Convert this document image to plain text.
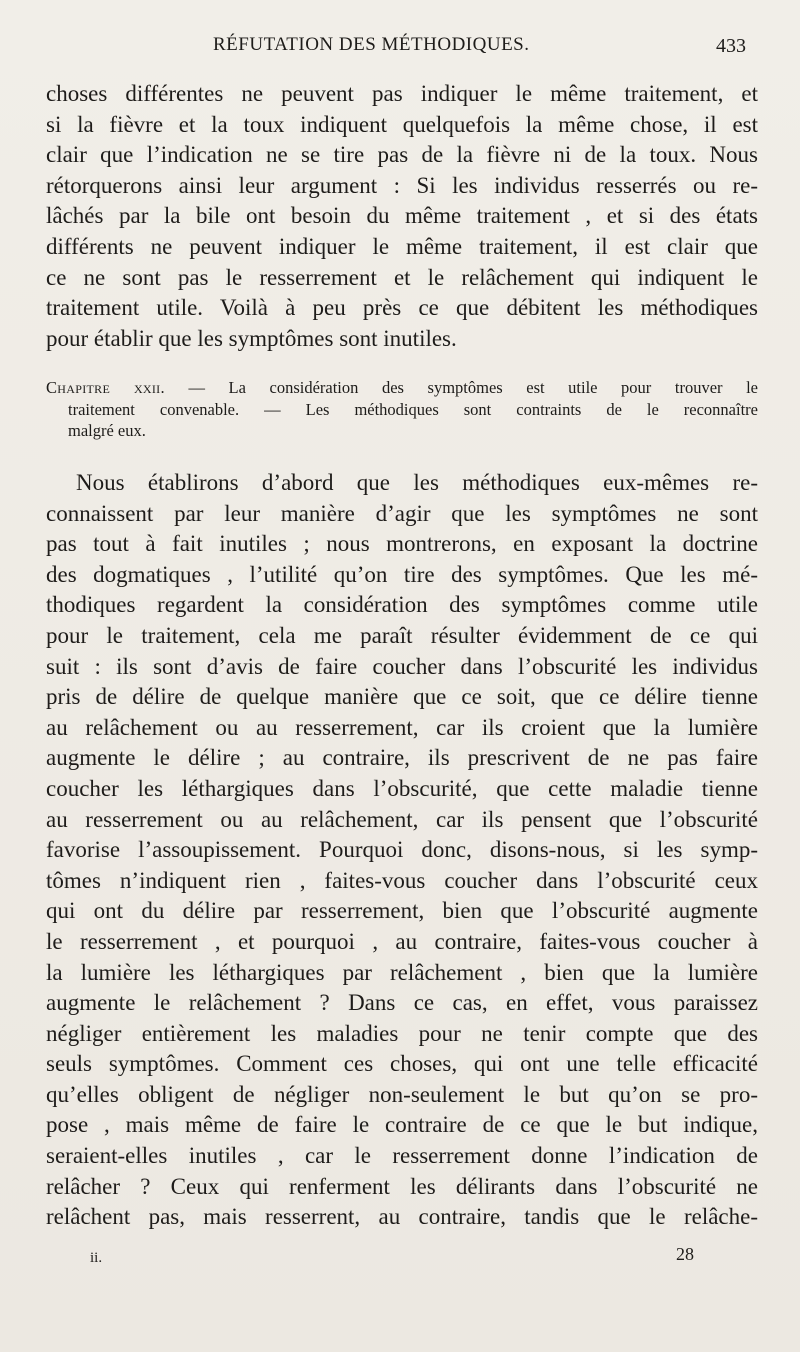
RÉFUTATION DES MÉTHODIQUES.	433
choses différentes ne peuvent pas indiquer le même traitement, et
si la fièvre et la toux indiquent quelquefois la même chose, il est
clair que l’indication ne se tire pas de la fièvre ni de la toux. Nous
rétorquerons ainsi leur argument : Si les individus resserrés ou re-
lâchés par la bile ont besoin du même traitement , et si des états
différents ne peuvent indiquer le même traitement, il est clair que
ce ne sont pas le resserrement et le relâchement qui indiquent le
traitement utile. Voilà à peu près ce que débitent les méthodiques
pour établir que les symptômes sont inutiles.
Chapitre xxii. — La considération des symptômes est utile pour trouver le
traitement convenable. — Les méthodiques sont contraints de le reconnaître
malgré eux.
Nous établirons d’abord que les méthodiques eux-mêmes re-
connaissent par leur manière d’agir que les symptômes ne sont
pas tout à fait inutiles ; nous montrerons, en exposant la doctrine
des dogmatiques , l’utilité qu’on tire des symptômes. Que les mé-
thodiques regardent la considération des symptômes comme utile
pour le traitement, cela me paraît résulter évidemment de ce qui
suit : ils sont d’avis de faire coucher dans l’obscurité les individus
pris de délire de quelque manière que ce soit, que ce délire tienne
au relâchement ou au resserrement, car ils croient que la lumière
augmente le délire ; au contraire, ils prescrivent de ne pas faire
coucher les léthargiques dans l’obscurité, que cette maladie tienne
au resserrement ou au relâchement, car ils pensent que l’obscurité
favorise l’assoupissement. Pourquoi donc, disons-nous, si les symp-
tômes n’indiquent rien , faites-vous coucher dans l’obscurité ceux
qui ont du délire par resserrement, bien que l’obscurité augmente
le resserrement , et pourquoi , au contraire, faites-vous coucher à
la lumière les léthargiques par relâchement , bien que la lumière
augmente le relâchement ? Dans ce cas, en effet, vous paraissez
négliger entièrement les maladies pour ne tenir compte que des
seuls symptômes. Comment ces choses, qui ont une telle efficacité
qu’elles obligent de négliger non-seulement le but qu’on se pro-
pose , mais même de faire le contraire de ce que le but indique,
seraient-elles inutiles , car le resserrement donne l’indication de
relâcher ? Ceux qui renferment les délirants dans l’obscurité ne
relâchent pas, mais resserrent, au contraire, tandis que le relâche-
ii.	28
